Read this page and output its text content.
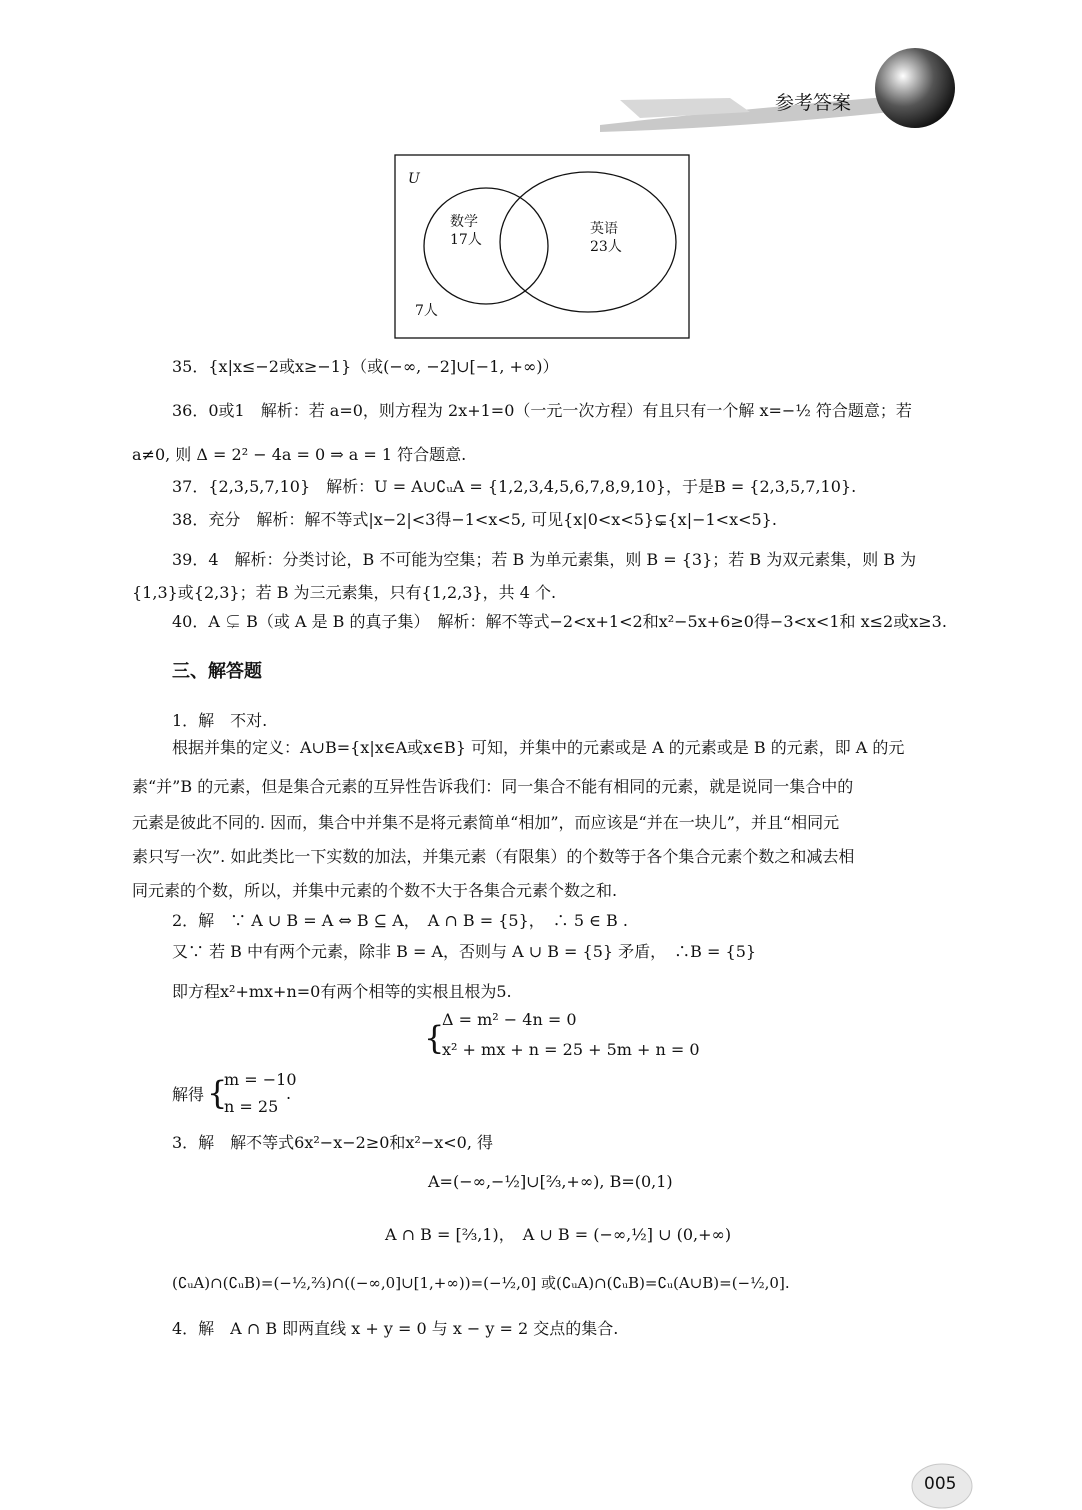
参考答案
U
数学
17人
英语
23人
7人
35．{x|x≤−2或x≥−1}（或(−∞, −2]∪[−1, +∞)）
36．0或1　解析：若 a=0，则方程为 2x+1=0（一元一次方程）有且只有一个解 x=−½ 符合题意；若
a≠0, 则 Δ = 2² − 4a = 0 ⇒ a = 1 符合题意.
37．{2,3,5,7,10}　解析：U = A∪∁ᵤA = {1,2,3,4,5,6,7,8,9,10}，于是B = {2,3,5,7,10}.
38．充分　解析：解不等式|x−2|<3得−1<x<5, 可见{x|0<x<5}⊊{x|−1<x<5}.
39．4　解析：分类讨论，B 不可能为空集；若 B 为单元素集，则 B = {3}；若 B 为双元素集，则 B 为
{1,3}或{2,3}；若 B 为三元素集，只有{1,2,3}，共 4 个.
40．A ⊊ B（或 A 是 B 的真子集）　解析：解不等式−2<x+1<2和x²−5x+6≥0得−3<x<1和 x≤2或x≥3.
三、解答题
1．解　不对.
根据并集的定义：A∪B={x|x∈A或x∈B} 可知，并集中的元素或是 A 的元素或是 B 的元素，即 A 的元
素“并”B 的元素，但是集合元素的互异性告诉我们：同一集合不能有相同的元素，就是说同一集合中的
元素是彼此不同的. 因而，集合中并集不是将元素简单“相加”，而应该是“并在一块儿”，并且“相同元
素只写一次”. 如此类比一下实数的加法，并集元素（有限集）的个数等于各个集合元素个数之和减去相
同元素的个数，所以，并集中元素的个数不大于各集合元素个数之和.
2．解　∵ A ∪ B = A ⇔ B ⊆ A，　A ∩ B = {5}，　∴ 5 ∈ B .
又∵ 若 B 中有两个元素，除非 B = A，否则与 A ∪ B = {5} 矛盾，　∴B = {5}
即方程x²+mx+n=0有两个相等的实根且根为5.
{
Δ = m² − 4n = 0
x² + mx + n = 25 + 5m + n = 0
解得 {
m = −10
n = 25
.
3．解　解不等式6x²−x−2≥0和x²−x<0, 得
A=(−∞,−½]∪[⅔,+∞), B=(0,1)
A ∩ B = [⅔,1)，　A ∪ B = (−∞,½] ∪ (0,+∞)
(∁ᵤA)∩(∁ᵤB)=(−½,⅔)∩((−∞,0]∪[1,+∞))=(−½,0] 或(∁ᵤA)∩(∁ᵤB)=∁ᵤ(A∪B)=(−½,0].
4．解　A ∩ B 即两直线 x + y = 0 与 x − y = 2 交点的集合.
005
